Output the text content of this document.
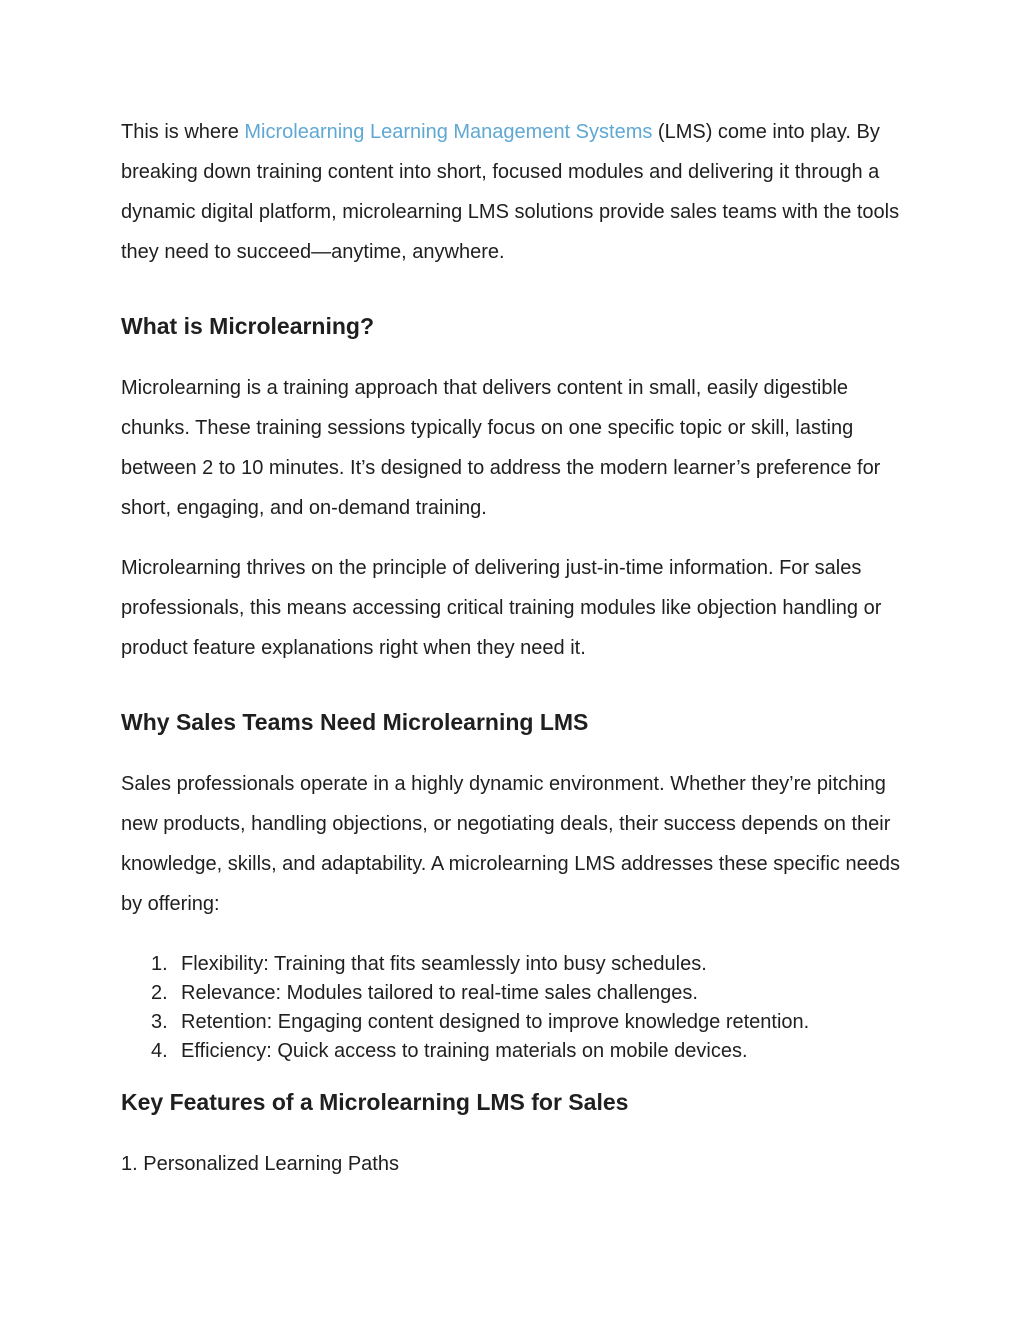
This is where Microlearning Learning Management Systems (LMS) come into play. By breaking down training content into short, focused modules and delivering it through a dynamic digital platform, microlearning LMS solutions provide sales teams with the tools they need to succeed—anytime, anywhere.

What is Microlearning?

Microlearning is a training approach that delivers content in small, easily digestible chunks. These training sessions typically focus on one specific topic or skill, lasting between 2 to 10 minutes. It’s designed to address the modern learner’s preference for short, engaging, and on-demand training.

Microlearning thrives on the principle of delivering just-in-time information. For sales professionals, this means accessing critical training modules like objection handling or product feature explanations right when they need it.

Why Sales Teams Need Microlearning LMS

Sales professionals operate in a highly dynamic environment. Whether they’re pitching new products, handling objections, or negotiating deals, their success depends on their knowledge, skills, and adaptability. A microlearning LMS addresses these specific needs by offering:

1. Flexibility: Training that fits seamlessly into busy schedules.
2. Relevance: Modules tailored to real-time sales challenges.
3. Retention: Engaging content designed to improve knowledge retention.
4. Efficiency: Quick access to training materials on mobile devices.
Key Features of a Microlearning LMS for Sales

1. Personalized Learning Paths
